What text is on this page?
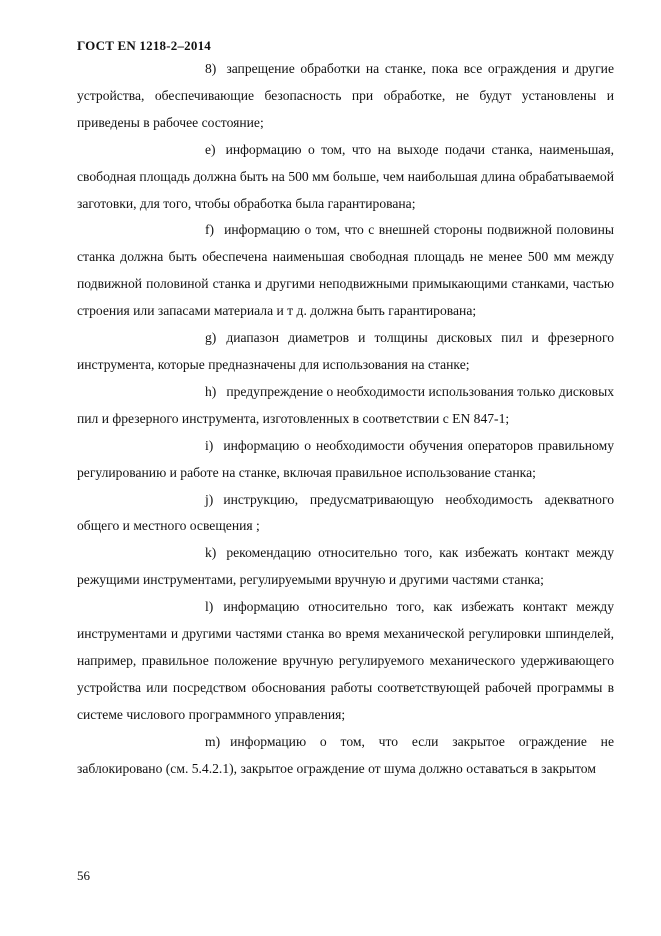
ГОСТ EN 1218-2–2014

8) запрещение обработки на станке, пока все ограждения и другие устройства, обеспечивающие безопасность при обработке, не будут установлены и приведены в рабочее состояние;

e) информацию о том, что на выходе подачи станка, наименьшая, свободная площадь должна быть на 500 мм больше, чем наибольшая длина обрабатываемой заготовки, для того, чтобы обработка была гарантирована;

f) информацию о том, что с внешней стороны подвижной половины станка должна быть обеспечена наименьшая свободная площадь не менее 500 мм между подвижной половиной станка и другими неподвижными примыкающими станками, частью строения или запасами материала и т д. должна быть гарантирована;

g) диапазон диаметров и толщины дисковых пил и фрезерного инструмента, которые предназначены для использования на станке;

h) предупреждение о необходимости использования только дисковых пил и фрезерного инструмента, изготовленных в соответствии с EN 847-1;

i) информацию о необходимости обучения операторов правильному регулированию и работе на станке, включая правильное использование станка;

j) инструкцию, предусматривающую необходимость адекватного общего и местного освещения ;

k) рекомендацию относительно того, как избежать контакт между режущими инструментами, регулируемыми вручную и другими частями станка;

l) информацию относительно того, как избежать контакт между инструментами и другими частями станка во время механической регулировки шпинделей, например, правильное положение вручную регулируемого механического удерживающего устройства или посредством обоснования работы соответствующей рабочей программы в системе числового программного управления;

m) информацию о том, что если закрытое ограждение не заблокировано (см. 5.4.2.1), закрытое ограждение от шума должно оставаться в закрытом

56
